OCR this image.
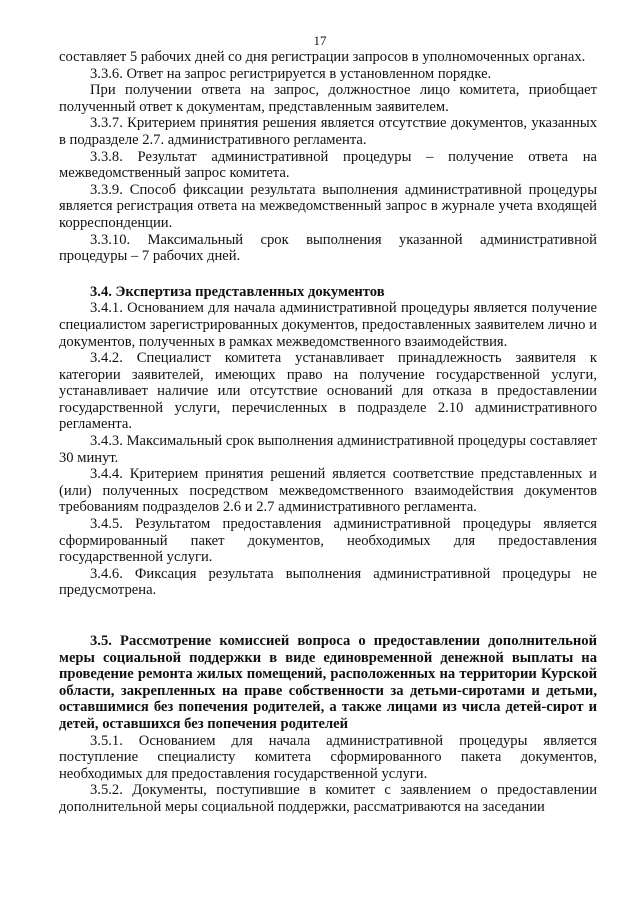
17

составляет 5 рабочих дней со дня регистрации запросов в уполномоченных органах.

3.3.6. Ответ на запрос регистрируется в установленном порядке.

При получении ответа на запрос, должностное лицо комитета, приобщает полученный ответ к документам, представленным заявителем.

3.3.7. Критерием принятия решения является отсутствие документов, указанных в подразделе 2.7. административного регламента.

3.3.8. Результат административной процедуры – получение ответа на межведомственный запрос комитета.

3.3.9. Способ фиксации результата выполнения административной процедуры является регистрация ответа на межведомственный запрос в журнале учета входящей корреспонденции.

3.3.10. Максимальный срок выполнения указанной административной процедуры – 7 рабочих дней.

3.4. Экспертиза представленных документов

3.4.1. Основанием для начала административной процедуры является получение специалистом зарегистрированных документов, предоставленных заявителем лично и документов, полученных в рамках межведомственного взаимодействия.

3.4.2. Специалист комитета устанавливает принадлежность заявителя к категории заявителей, имеющих право на получение государственной услуги, устанавливает наличие или отсутствие оснований для отказа в предоставлении государственной услуги, перечисленных в подразделе 2.10 административного регламента.

3.4.3. Максимальный срок выполнения административной процедуры составляет 30 минут.

3.4.4. Критерием принятия решений является соответствие представленных и (или) полученных посредством межведомственного взаимодействия документов требованиям подразделов 2.6 и 2.7 административного регламента.

3.4.5. Результатом предоставления административной процедуры является сформированный пакет документов, необходимых для предоставления государственной услуги.

3.4.6. Фиксация результата выполнения административной процедуры не предусмотрена.

3.5. Рассмотрение комиссией вопроса о предоставлении дополнительной меры социальной поддержки в виде единовременной денежной выплаты на проведение ремонта жилых помещений, расположенных на территории Курской области, закрепленных на праве собственности за детьми-сиротами и детьми, оставшимися без попечения родителей, а также лицами из числа детей-сирот и детей, оставшихся без попечения родителей

3.5.1. Основанием для начала административной процедуры является поступление специалисту комитета сформированного пакета документов, необходимых для предоставления государственной услуги.

3.5.2. Документы, поступившие в комитет с заявлением о предоставлении дополнительной меры социальной поддержки, рассматриваются на заседании
